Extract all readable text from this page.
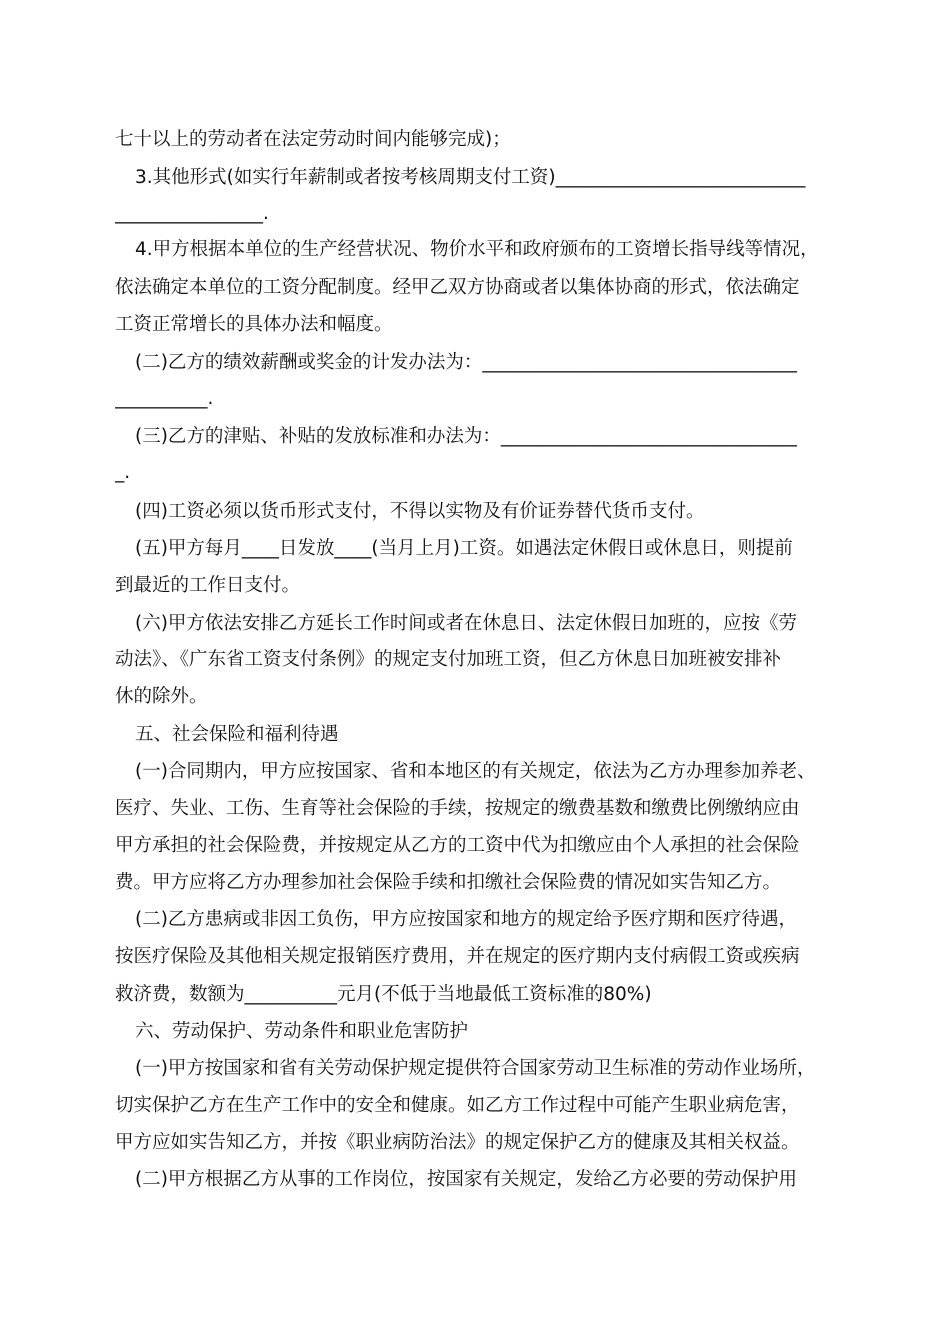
七十以上的劳动者在法定劳动时间内能够完成)；
3.其他形式(如实行年薪制或者按考核周期支付工资)___________________________
________________.
4.甲方根据本单位的生产经营状况、物价水平和政府颁布的工资增长指导线等情况，
依法确定本单位的工资分配制度。经甲乙双方协商或者以集体协商的形式，依法确定
工资正常增长的具体办法和幅度。
(二)乙方的绩效薪酬或奖金的计发办法为：__________________________________
__________.
(三)乙方的津贴、补贴的发放标准和办法为：________________________________
_.
(四)工资必须以货币形式支付，不得以实物及有价证券替代货币支付。
(五)甲方每月____日发放____(当月上月)工资。如遇法定休假日或休息日，则提前
到最近的工作日支付。
(六)甲方依法安排乙方延长工作时间或者在休息日、法定休假日加班的，应按《劳
动法》、《广东省工资支付条例》的规定支付加班工资，但乙方休息日加班被安排补
休的除外。
五、社会保险和福利待遇
(一)合同期内，甲方应按国家、省和本地区的有关规定，依法为乙方办理参加养老、
医疗、失业、工伤、生育等社会保险的手续，按规定的缴费基数和缴费比例缴纳应由
甲方承担的社会保险费，并按规定从乙方的工资中代为扣缴应由个人承担的社会保险
费。甲方应将乙方办理参加社会保险手续和扣缴社会保险费的情况如实告知乙方。
(二)乙方患病或非因工负伤，甲方应按国家和地方的规定给予医疗期和医疗待遇，
按医疗保险及其他相关规定报销医疗费用，并在规定的医疗期内支付病假工资或疾病
救济费，数额为__________元月(不低于当地最低工资标准的80%)
六、劳动保护、劳动条件和职业危害防护
(一)甲方按国家和省有关劳动保护规定提供符合国家劳动卫生标准的劳动作业场所，
切实保护乙方在生产工作中的安全和健康。如乙方工作过程中可能产生职业病危害，
甲方应如实告知乙方，并按《职业病防治法》的规定保护乙方的健康及其相关权益。
(二)甲方根据乙方从事的工作岗位，按国家有关规定，发给乙方必要的劳动保护用
